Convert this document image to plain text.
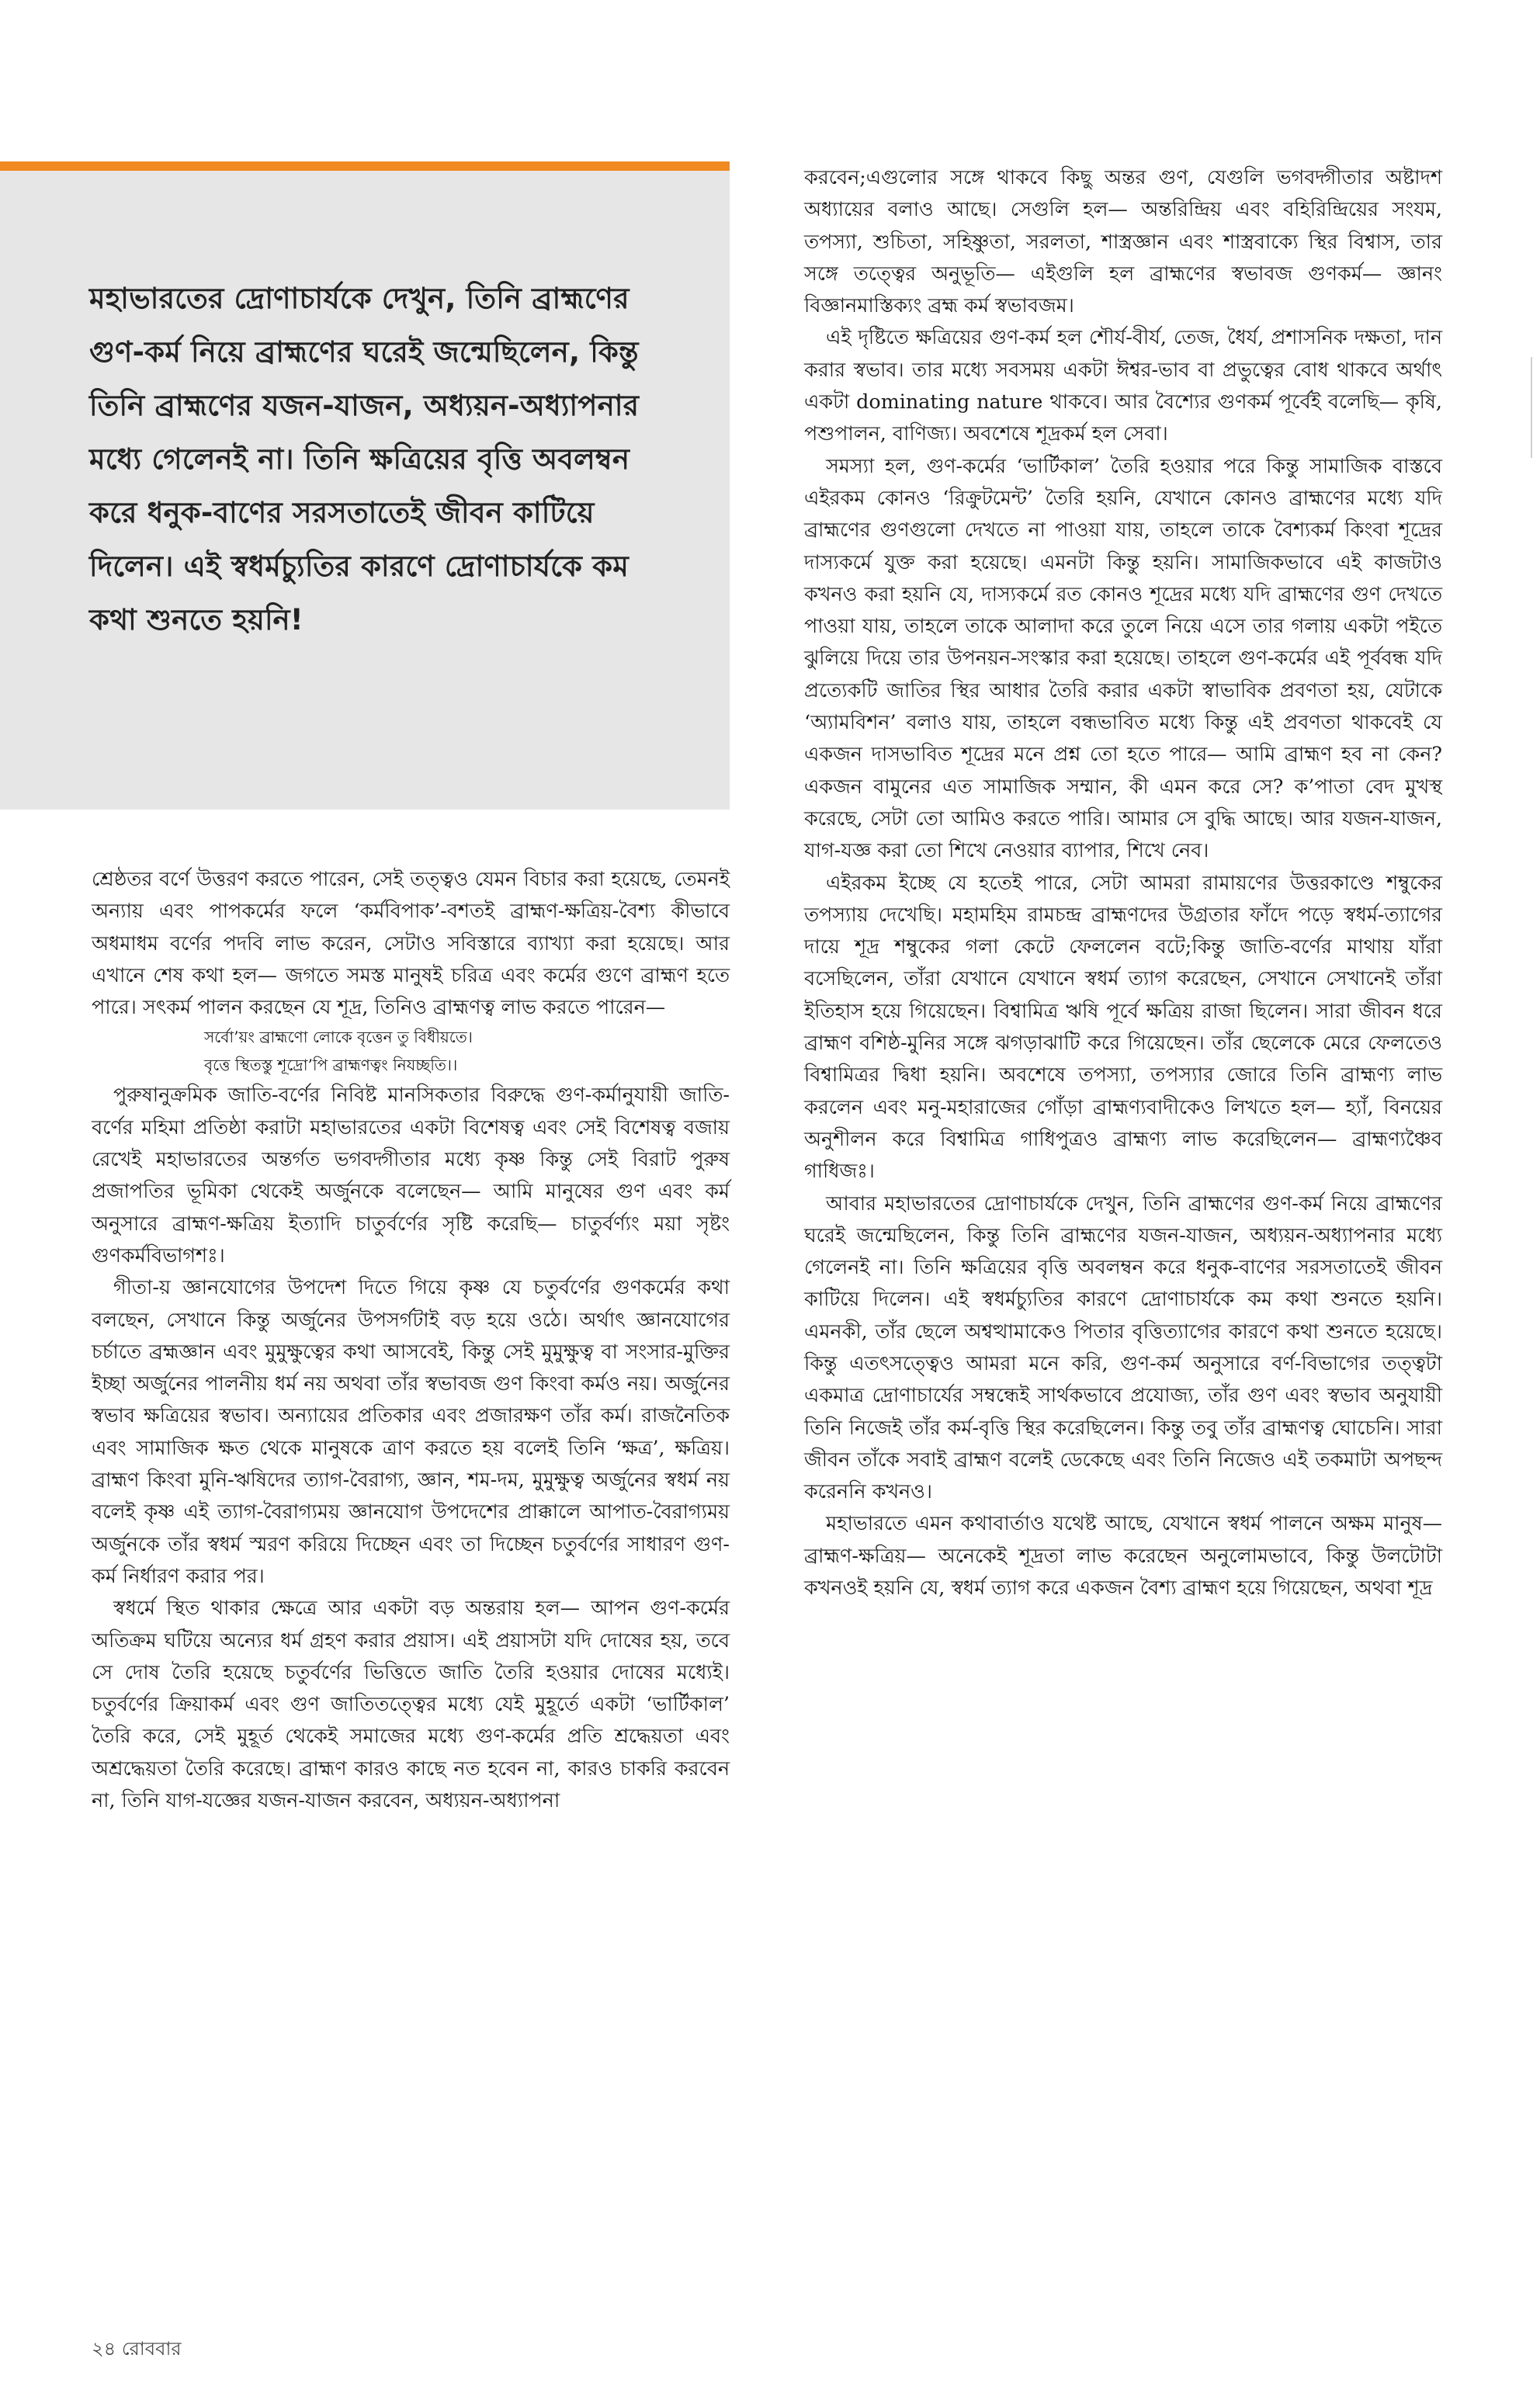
মহাভারতের দ্রোণাচার্যকে দেখুন, তিনি ব্রাহ্মণের গুণ-কর্ম নিয়ে ব্রাহ্মণের ঘরেই জন্মেছিলেন, কিন্তু তিনি ব্রাহ্মণের যজন-যাজন, অধ্যয়ন-অধ্যাপনার মধ্যে গেলেনই না। তিনি ক্ষত্রিয়ের বৃত্তি অবলম্বন করে ধনুক-বাণের সরসতাতেই জীবন কাটিয়ে দিলেন। এই স্বধর্মচ্যুতির কারণে দ্রোণাচার্যকে কম কথা শুনতে হয়নি!

শ্রেষ্ঠতর বর্ণে উত্তরণ করতে পারেন, সেই তত্ত্বও যেমন বিচার করা হয়েছে, তেমনই অন্যায় এবং পাপকর্মের ফলে ‘কর্মবিপাক’-বশতই ব্রাহ্মণ-ক্ষত্রিয়-বৈশ্য কীভাবে অধমাধম বর্ণের পদবি লাভ করেন, সেটাও সবিস্তারে ব্যাখ্যা করা হয়েছে। আর এখানে শেষ কথা হল— জগতে সমস্ত মানুষই চরিত্র এবং কর্মের গুণে ব্রাহ্মণ হতে পারে। সৎকর্ম পালন করছেন যে শূদ্র, তিনিও ব্রাহ্মণত্ব লাভ করতে পারেন—

সর্বো’য়ং ব্রাহ্মণো লোকে বৃত্তেন তু বিধীয়তে।

বৃত্তে স্থিতস্তু শূদ্রো’পি ব্রাহ্মণত্বং নিযচ্ছতি।।

পুরুষানুক্রমিক জাতি-বর্ণের নিবিষ্ট মানসিকতার বিরুদ্ধে গুণ-কর্মানুযায়ী জাতি-বর্ণের মহিমা প্রতিষ্ঠা করাটা মহাভারতের একটা বিশেষত্ব এবং সেই বিশেষত্ব বজায় রেখেই মহাভারতের অন্তর্গত ভগবদ্গীতার মধ্যে কৃষ্ণ কিন্তু সেই বিরাট পুরুষ প্রজাপতির ভূমিকা থেকেই অর্জুনকে বলেছেন— আমি মানুষের গুণ এবং কর্ম অনুসারে ব্রাহ্মণ-ক্ষত্রিয় ইত্যাদি চাতুর্বর্ণের সৃষ্টি করেছি— চাতুর্বর্ণ্যং ময়া সৃষ্টং গুণকর্মবিভাগশঃ।

গীতা-য় জ্ঞানযোগের উপদেশ দিতে গিয়ে কৃষ্ণ যে চতুর্বর্ণের গুণকর্মের কথা বলছেন, সেখানে কিন্তু অর্জুনের উপসর্গটাই বড় হয়ে ওঠে। অর্থাৎ জ্ঞানযোগের চর্চাতে ব্রহ্মজ্ঞান এবং মুমুক্ষুত্বের কথা আসবেই, কিন্তু সেই মুমুক্ষুত্ব বা সংসার-মুক্তির ইচ্ছা অর্জুনের পালনীয় ধর্ম নয় অথবা তাঁর স্বভাবজ গুণ কিংবা কর্মও নয়। অর্জুনের স্বভাব ক্ষত্রিয়ের স্বভাব। অন্যায়ের প্রতিকার এবং প্রজারক্ষণ তাঁর কর্ম। রাজনৈতিক এবং সামাজিক ক্ষত থেকে মানুষকে ত্রাণ করতে হয় বলেই তিনি ‘ক্ষত্র’, ক্ষত্রিয়। ব্রাহ্মণ কিংবা মুনি-ঋষিদের ত্যাগ-বৈরাগ্য, জ্ঞান, শম-দম, মুমুক্ষুত্ব অর্জুনের স্বধর্ম নয় বলেই কৃষ্ণ এই ত্যাগ-বৈরাগ্যময় জ্ঞানযোগ উপদেশের প্রাক্কালে আপাত-বৈরাগ্যময় অর্জুনকে তাঁর স্বধর্ম স্মরণ করিয়ে দিচ্ছেন এবং তা দিচ্ছেন চতুর্বর্ণের সাধারণ গুণ-কর্ম নির্ধারণ করার পর।

স্বধর্মে স্থিত থাকার ক্ষেত্রে আর একটা বড় অন্তরায় হল— আপন গুণ-কর্মের অতিক্রম ঘটিয়ে অন্যের ধর্ম গ্রহণ করার প্রয়াস। এই প্রয়াসটা যদি দোষের হয়, তবে সে দোষ তৈরি হয়েছে চতুর্বর্ণের ভিত্তিতে জাতি তৈরি হওয়ার দোষের মধ্যেই। চতুর্বর্ণের ক্রিয়াকর্ম এবং গুণ জাতিতত্ত্বের মধ্যে যেই মুহূর্তে একটা ‘ভার্টিকাল’ তৈরি করে, সেই মুহূর্ত থেকেই সমাজের মধ্যে গুণ-কর্মের প্রতি শ্রদ্ধেয়তা এবং অশ্রদ্ধেয়তা তৈরি করেছে। ব্রাহ্মণ কারও কাছে নত হবেন না, কারও চাকরি করবেন না, তিনি যাগ-যজ্ঞের যজন-যাজন করবেন, অধ্যয়ন-অধ্যাপনা

করবেন;এগুলোর সঙ্গে থাকবে কিছু অন্তর গুণ, যেগুলি ভগবদ্গীতার অষ্টাদশ অধ্যায়ের বলাও আছে। সেগুলি হল— অন্তরিন্দ্রিয় এবং বহিরিন্দ্রিয়ের সংযম, তপস্যা, শুচিতা, সহিষ্ণুতা, সরলতা, শাস্ত্রজ্ঞান এবং শাস্ত্রবাক্যে স্থির বিশ্বাস, তার সঙ্গে তত্ত্বের অনুভূতি— এইগুলি হল ব্রাহ্মণের স্বভাবজ গুণকর্ম— জ্ঞানং বিজ্ঞানমাস্তিক্যং ব্রহ্ম কর্ম স্বভাবজম।

এই দৃষ্টিতে ক্ষত্রিয়ের গুণ-কর্ম হল শৌর্য-বীর্য, তেজ, ধৈর্য, প্রশাসনিক দক্ষতা, দান করার স্বভাব। তার মধ্যে সবসময় একটা ঈশ্বর-ভাব বা প্রভুত্বের বোধ থাকবে অর্থাৎ একটা dominating nature থাকবে। আর বৈশ্যের গুণকর্ম পূর্বেই বলেছি— কৃষি, পশুপালন, বাণিজ্য। অবশেষে শূদ্রকর্ম হল সেবা।

সমস্যা হল, গুণ-কর্মের ‘ভার্টিকাল’ তৈরি হওয়ার পরে কিন্তু সামাজিক বাস্তবে এইরকম কোনও ‘রিক্রুটমেন্ট’ তৈরি হয়নি, যেখানে কোনও ব্রাহ্মণের মধ্যে যদি ব্রাহ্মণের গুণগুলো দেখতে না পাওয়া যায়, তাহলে তাকে বৈশ্যকর্ম কিংবা শূদ্রের দাস্যকর্মে যুক্ত করা হয়েছে। এমনটা কিন্তু হয়নি। সামাজিকভাবে এই কাজটাও কখনও করা হয়নি যে, দাস্যকর্মে রত কোনও শূদ্রের মধ্যে যদি ব্রাহ্মণের গুণ দেখতে পাওয়া যায়, তাহলে তাকে আলাদা করে তুলে নিয়ে এসে তার গলায় একটা পইতে ঝুলিয়ে দিয়ে তার উপনয়ন-সংস্কার করা হয়েছে। তাহলে গুণ-কর্মের এই পূর্ববন্ধ যদি প্রত্যেকটি জাতির স্থির আধার তৈরি করার একটা স্বাভাবিক প্রবণতা হয়, যেটাকে ‘অ্যামবিশন’ বলাও যায়, তাহলে বন্ধভাবিত মধ্যে কিন্তু এই প্রবণতা থাকবেই যে একজন দাসভাবিত শূদ্রের মনে প্রশ্ন তো হতে পারে— আমি ব্রাহ্মণ হব না কেন? একজন বামুনের এত সামাজিক সম্মান, কী এমন করে সে? ক’পাতা বেদ মুখস্থ করেছে, সেটা তো আমিও করতে পারি। আমার সে বুদ্ধি আছে। আর যজন-যাজন, যাগ-যজ্ঞ করা তো শিখে নেওয়ার ব্যাপার, শিখে নেব।

এইরকম ইচ্ছে যে হতেই পারে, সেটা আমরা রামায়ণের উত্তরকাণ্ডে শম্বুকের তপস্যায় দেখেছি। মহামহিম রামচন্দ্র ব্রাহ্মণদের উগ্রতার ফাঁদে পড়ে স্বধর্ম-ত্যাগের দায়ে শূদ্র শম্বুকের গলা কেটে ফেললেন বটে;কিন্তু জাতি-বর্ণের মাথায় যাঁরা বসেছিলেন, তাঁরা যেখানে যেখানে স্বধর্ম ত্যাগ করেছেন, সেখানে সেখানেই তাঁরা ইতিহাস হয়ে গিয়েছেন। বিশ্বামিত্র ঋষি পূর্বে ক্ষত্রিয় রাজা ছিলেন। সারা জীবন ধরে ব্রাহ্মণ বশিষ্ঠ-মুনির সঙ্গে ঝগড়াঝাটি করে গিয়েছেন। তাঁর ছেলেকে মেরে ফেলতেও বিশ্বামিত্রর দ্বিধা হয়নি। অবশেষে তপস্যা, তপস্যার জোরে তিনি ব্রাহ্মণ্য লাভ করলেন এবং মনু-মহারাজের গোঁড়া ব্রাহ্মণ্যবাদীকেও লিখতে হল— হ্যাঁ, বিনয়ের অনুশীলন করে বিশ্বামিত্র গাধিপুত্রও ব্রাহ্মণ্য লাভ করেছিলেন— ব্রাহ্মণ্যঞ্চৈব গাধিজঃ।

আবার মহাভারতের দ্রোণাচার্যকে দেখুন, তিনি ব্রাহ্মণের গুণ-কর্ম নিয়ে ব্রাহ্মণের ঘরেই জন্মেছিলেন, কিন্তু তিনি ব্রাহ্মণের যজন-যাজন, অধ্যয়ন-অধ্যাপনার মধ্যে গেলেনই না। তিনি ক্ষত্রিয়ের বৃত্তি অবলম্বন করে ধনুক-বাণের সরসতাতেই জীবন কাটিয়ে দিলেন। এই স্বধর্মচ্যুতির কারণে দ্রোণাচার্যকে কম কথা শুনতে হয়নি। এমনকী, তাঁর ছেলে অশ্বত্থামাকেও পিতার বৃত্তিত্যাগের কারণে কথা শুনতে হয়েছে। কিন্তু এতৎসত্ত্বেও আমরা মনে করি, গুণ-কর্ম অনুসারে বর্ণ-বিভাগের তত্ত্বটা একমাত্র দ্রোণাচার্যের সম্বন্ধেই সার্থকভাবে প্রযোজ্য, তাঁর গুণ এবং স্বভাব অনুযায়ী তিনি নিজেই তাঁর কর্ম-বৃত্তি স্থির করেছিলেন। কিন্তু তবু তাঁর ব্রাহ্মণত্ব ঘোচেনি। সারা জীবন তাঁকে সবাই ব্রাহ্মণ বলেই ডেকেছে এবং তিনি নিজেও এই তকমাটা অপছন্দ করেননি কখনও।

মহাভারতে এমন কথাবার্তাও যথেষ্ট আছে, যেখানে স্বধর্ম পালনে অক্ষম মানুষ— ব্রাহ্মণ-ক্ষত্রিয়— অনেকেই শূদ্রতা লাভ করেছেন অনুলোমভাবে, কিন্তু উলটোটা কখনওই হয়নি যে, স্বধর্ম ত্যাগ করে একজন বৈশ্য ব্রাহ্মণ হয়ে গিয়েছেন, অথবা শূদ্র

২৪ রোববার
